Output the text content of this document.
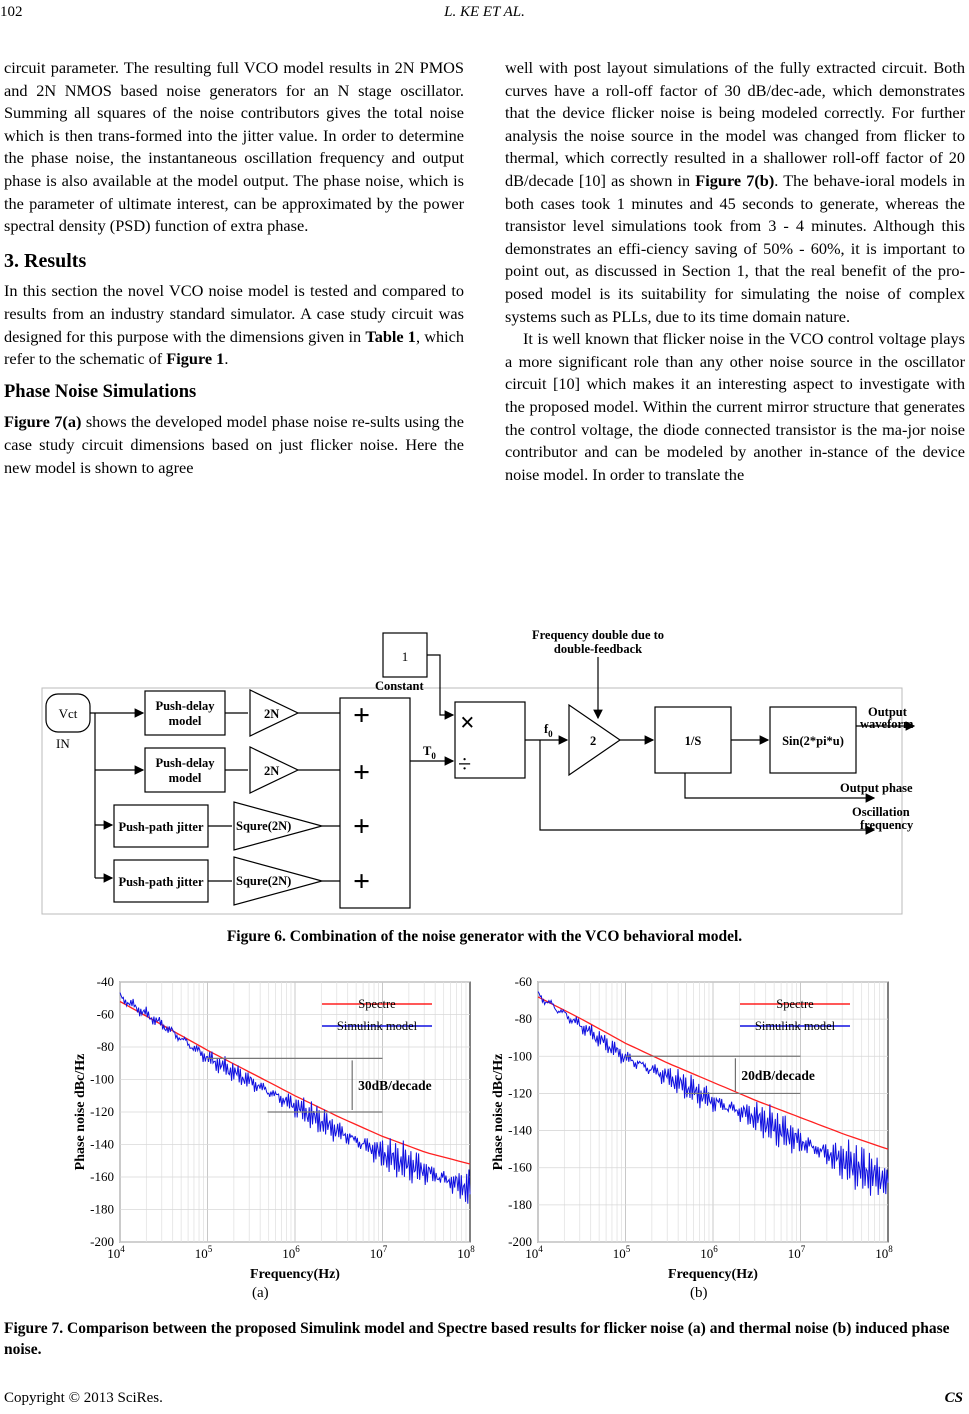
102	L. KE ET AL.

circuit parameter. The resulting full VCO model results in 2N PMOS and 2N NMOS based noise generators for an N stage oscillator. Summing all squares of the noise contributors gives the total noise which is then trans-formed into the jitter value. In order to determine the phase noise, the instantaneous oscillation frequency and output phase is also available at the model output. The phase noise, which is the parameter of ultimate interest, can be approximated by the power spectral density (PSD) function of extra phase.

3. Results

In this section the novel VCO noise model is tested and compared to results from an industry standard simulator. A case study circuit was designed for this purpose with the dimensions given in Table 1, which refer to the schematic of Figure 1.

Phase Noise Simulations

Figure 7(a) shows the developed model phase noise re-sults using the case study circuit dimensions based on just flicker noise. Here the new model is shown to agree

well with post layout simulations of the fully extracted circuit. Both curves have a roll-off factor of 30 dB/dec-ade, which demonstrates that the device flicker noise is being modeled correctly. For further analysis the noise source in the model was changed from flicker to thermal, which correctly resulted in a shallower roll-off factor of 20 dB/decade [10] as shown in Figure 7(b). The behave-ioral models in both cases took 1 minutes and 45 seconds to generate, whereas the transistor level simulations took from 3 - 4 minutes. Although this demonstrates an effi-ciency saving of 50% - 60%, it is important to point out, as discussed in Section 1, that the real benefit of the pro-posed model is its suitability for simulating the noise of complex systems such as PLLs, due to its time domain nature.

It is well known that flicker noise in the VCO control voltage plays a more significant role than any other noise source in the oscillator circuit [10] which makes it an interesting aspect to investigate with the proposed model. Within the current mirror structure that generates the control voltage, the diode connected transistor is the ma-jor noise contributor and can be modeled by another in-stance of the device noise model. In order to translate the

Vct
IN
Push-delay
model
Push-delay
model
Push-path jitter
Push-path jitter
2N
2N
Squre(2N)
Squre(2N)
+
+
+
+
$T_0$
1
Constant
×
÷
$f_0$
Frequency double due to
double-feedback
2	1/S	Sin(2*pi*u)
Output
waveform
Output phase
Oscillation
frequency
Figure 6. Combination of the noise generator with the VCO behavioral model.
-40
-60
-80
-100
-120
-140
-160
-180
-200
$10^4$	$10^5$	$10^6$	$10^7$	$10^8$
Frequency(Hz)
Phase noise dBc/Hz	30dB/decade
Spectre
Simulink model
-60
-80
-100
-120
-140
-160
-180
-200
$10^4$	$10^5$	$10^6$	$10^7$	$10^8$
Frequency(Hz)
Phase noise dBc/Hz	20dB/decade
Spectre
Simulink model
(a)	(b)
Figure 7. Comparison between the proposed Simulink model and Spectre based results for flicker noise (a) and thermal noise (b) induced phase noise.
Copyright © 2013 SciRes.	CS
